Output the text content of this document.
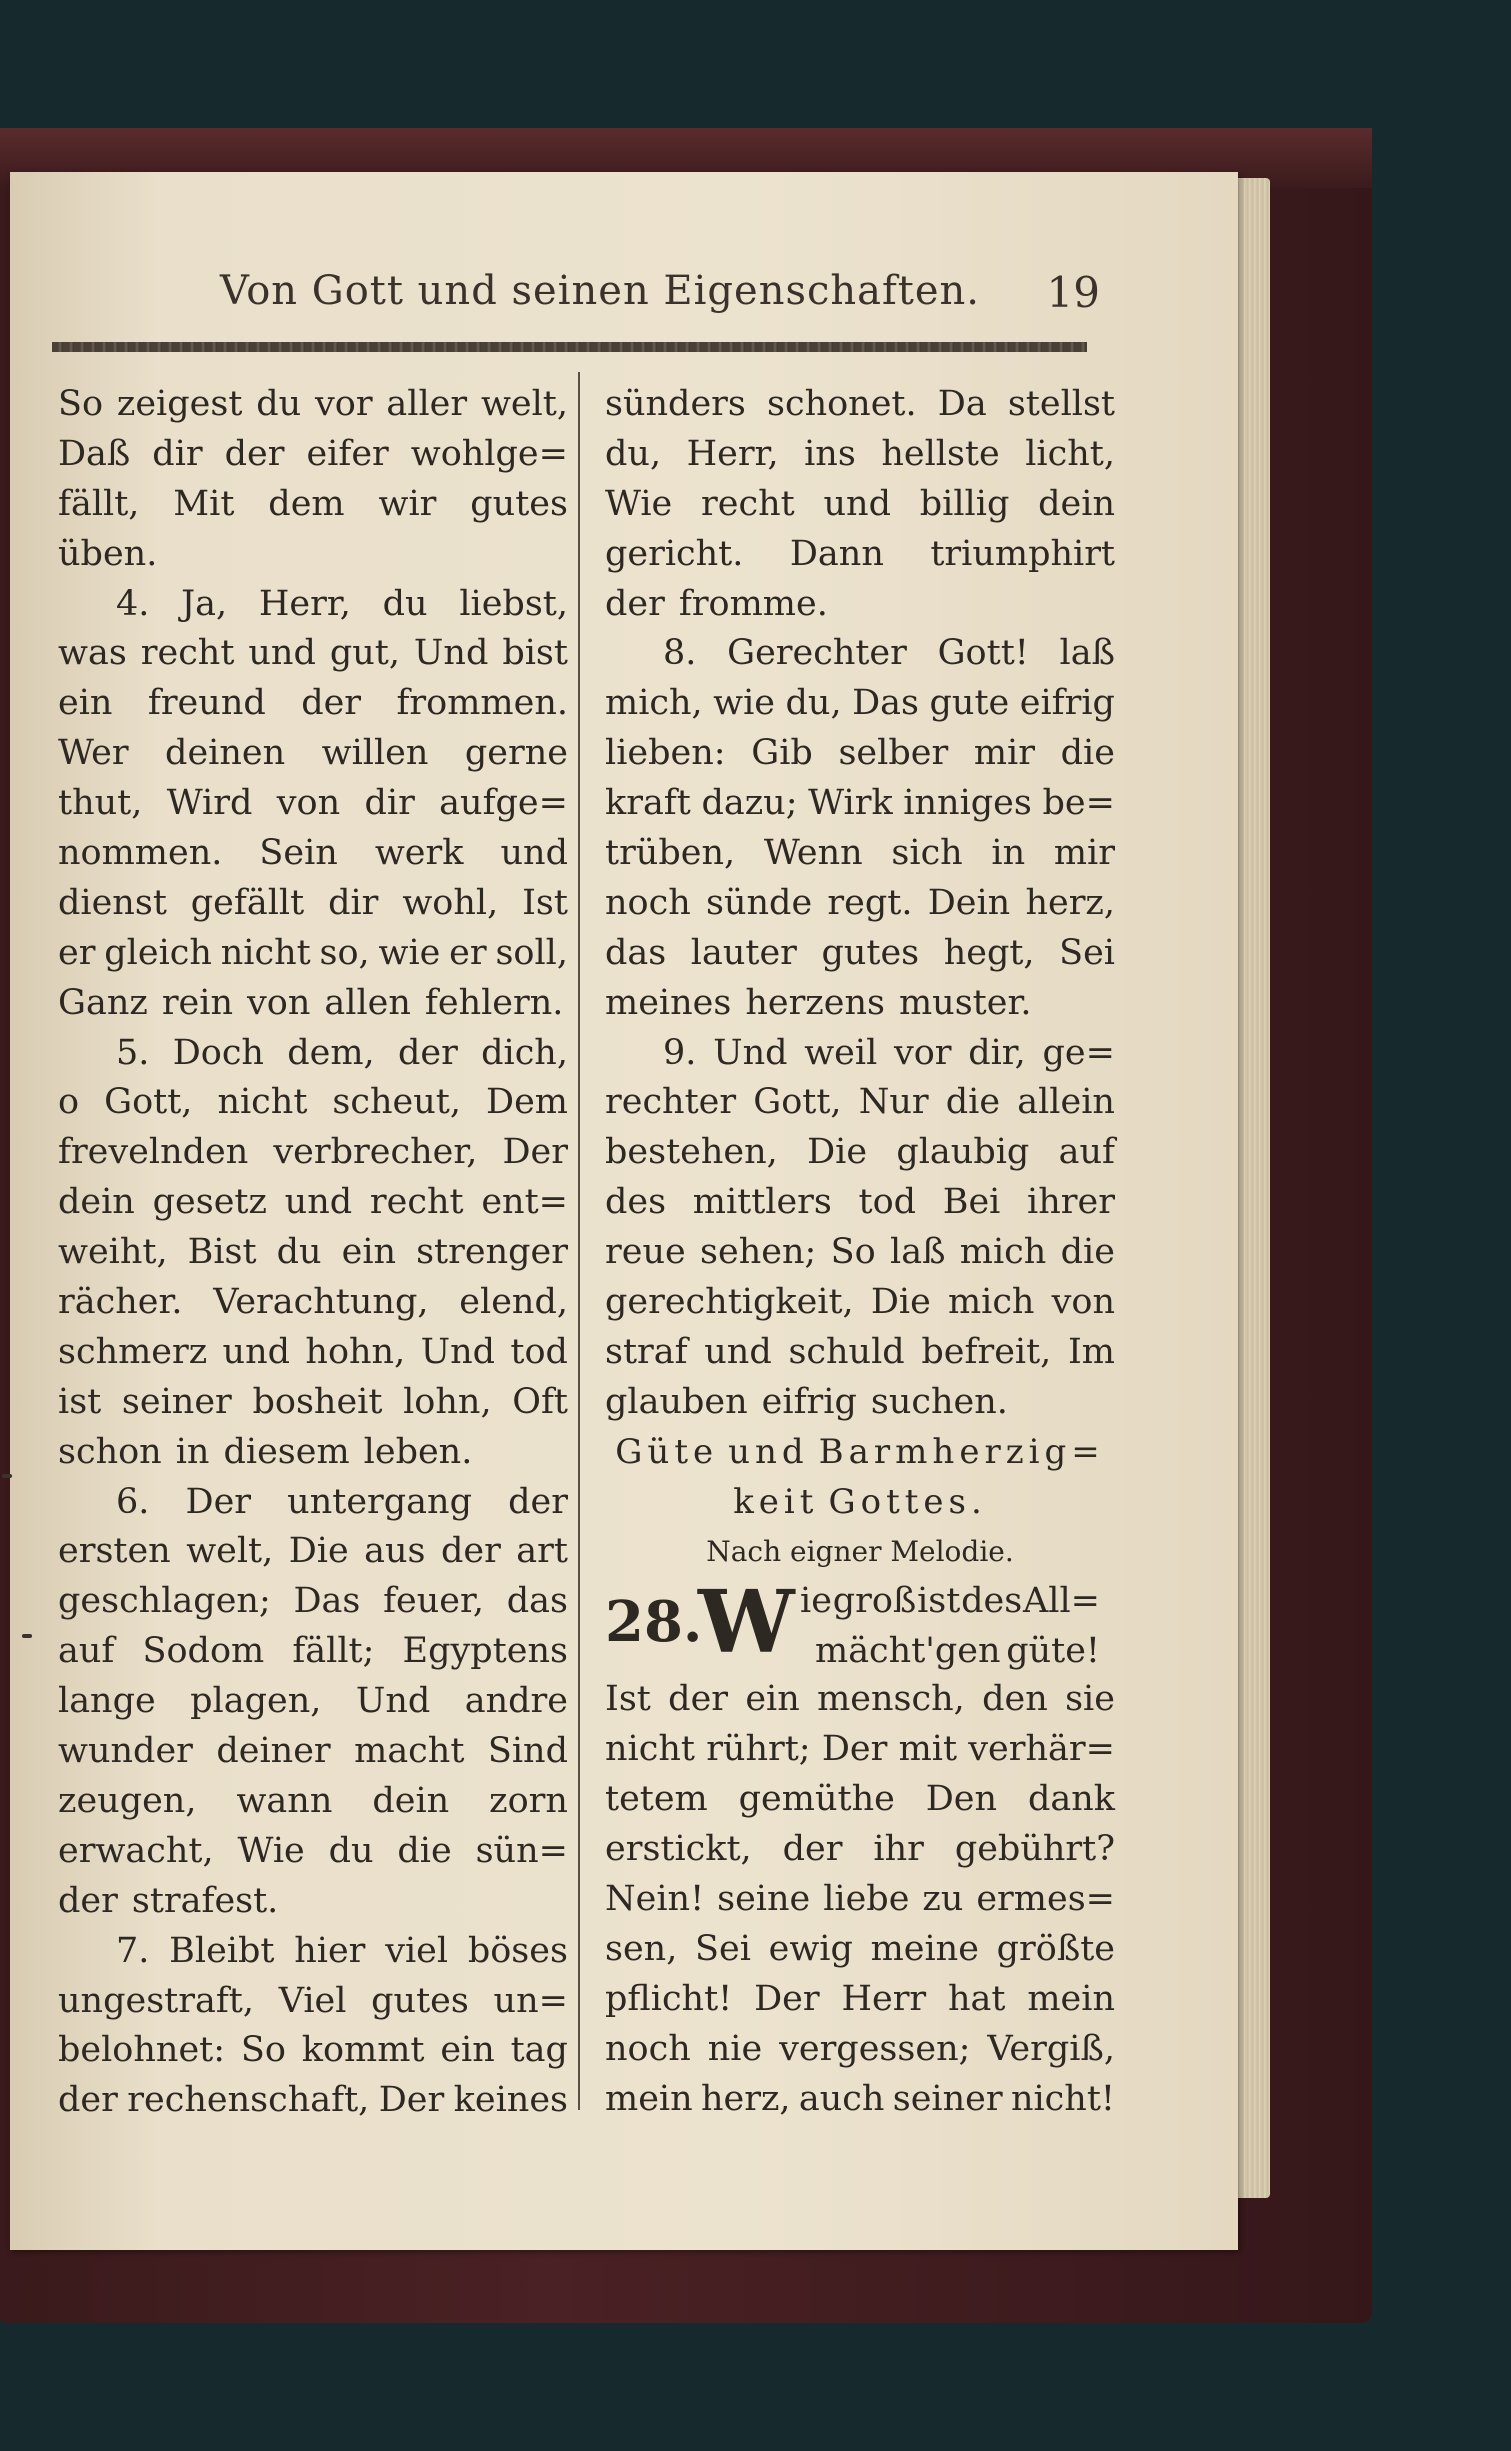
Von Gott und seinen Eigenschaften. 19
So zeigest du vor aller welt,
Daß dir der eifer wohlge=
fällt, Mit dem wir gutes
üben.
4. Ja, Herr, du liebst,
was recht und gut, Und bist
ein freund der frommen.
Wer deinen willen gerne
thut, Wird von dir aufge=
nommen. Sein werk und
dienst gefällt dir wohl, Ist
er gleich nicht so, wie er soll,
Ganz rein von allen fehlern.
5. Doch dem, der dich,
o Gott, nicht scheut, Dem
frevelnden verbrecher, Der
dein gesetz und recht ent=
weiht, Bist du ein strenger
rächer. Verachtung, elend,
schmerz und hohn, Und tod
ist seiner bosheit lohn, Oft
schon in diesem leben.
6. Der untergang der
ersten welt, Die aus der art
geschlagen; Das feuer, das
auf Sodom fällt; Egyptens
lange plagen, Und andre
wunder deiner macht Sind
zeugen, wann dein zorn
erwacht, Wie du die sün=
der strafest.
7. Bleibt hier viel böses
ungestraft, Viel gutes un=
belohnet: So kommt ein tag
der rechenschaft, Der keines
sünders schonet. Da stellst
du, Herr, ins hellste licht,
Wie recht und billig dein
gericht. Dann triumphirt
der fromme.
8. Gerechter Gott! laß
mich, wie du, Das gute eifrig
lieben: Gib selber mir die
kraft dazu; Wirk inniges be=
trüben, Wenn sich in mir
noch sünde regt. Dein herz,
das lauter gutes hegt, Sei
meines herzens muster.
9. Und weil vor dir, ge=
rechter Gott, Nur die allein
bestehen, Die glaubig auf
des mittlers tod Bei ihrer
reue sehen; So laß mich die
gerechtigkeit, Die mich von
straf und schuld befreit, Im
glauben eifrig suchen.
Güte und Barmherzig=
keit Gottes.
Nach eigner Melodie.
28.
W ie groß ist des All=
mächt'gen güte!
Ist der ein mensch, den sie
nicht rührt; Der mit verhär=
tetem gemüthe Den dank
erstickt, der ihr gebührt?
Nein! seine liebe zu ermes=
sen, Sei ewig meine größte
pflicht! Der Herr hat mein
noch nie vergessen; Vergiß,
mein herz, auch seiner nicht!
